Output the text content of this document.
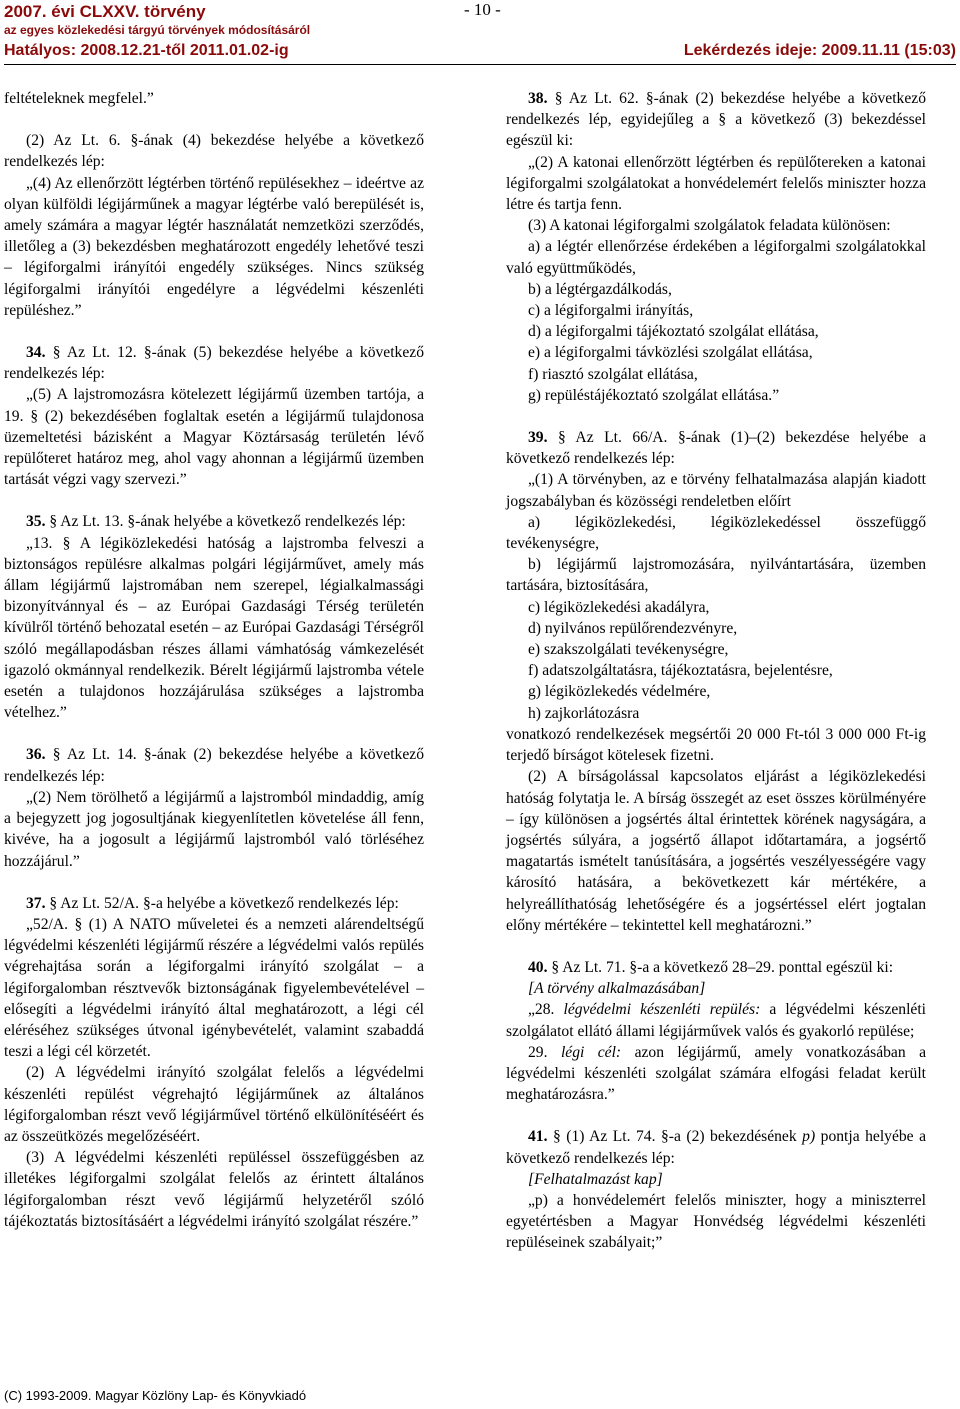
2007. évi CLXXV. törvény
az egyes közlekedési tárgyú törvények módosításáról
Hatályos: 2008.12.21-től 2011.01.02-ig
- 10 -
Lekérdezés ideje: 2009.11.11 (15:03)

feltételeknek megfelel.”

(2) Az Lt. 6. §-ának (4) bekezdése helyébe a következő rendelkezés lép:

„(4) Az ellenőrzött légtérben történő repülésekhez – ideértve az olyan külföldi légijárműnek a magyar légtérbe való berepülését is, amely számára a magyar légtér használatát nemzetközi szerződés, illetőleg a (3) bekezdésben meghatározott engedély lehetővé teszi – légiforgalmi irányítói engedély szükséges. Nincs szükség légiforgalmi irányítói engedélyre a légvédelmi készenléti repüléshez.”

34. § Az Lt. 12. §-ának (5) bekezdése helyébe a következő rendelkezés lép:

„(5) A lajstromozásra kötelezett légijármű üzemben tartója, a 19. § (2) bekezdésében foglaltak esetén a légijármű tulajdonosa üzemeltetési bázisként a Magyar Köztársaság területén lévő repülőteret határoz meg, ahol vagy ahonnan a légijármű üzemben tartását végzi vagy szervezi.”

35. § Az Lt. 13. §-ának helyébe a következő rendelkezés lép:

„13. § A légiközlekedési hatóság a lajstromba felveszi a biztonságos repülésre alkalmas polgári légijárművet, amely más állam légijármű lajstromában nem szerepel, légialkalmassági bizonyítvánnyal és – az Európai Gazdasági Térség területén kívülről történő behozatal esetén – az Európai Gazdasági Térségről szóló megállapodásban részes állami vámhatóság vámkezelését igazoló okmánnyal rendelkezik. Bérelt légijármű lajstromba vétele esetén a tulajdonos hozzájárulása szükséges a lajstromba vételhez.”

36. § Az Lt. 14. §-ának (2) bekezdése helyébe a következő rendelkezés lép:

„(2) Nem törölhető a légijármű a lajstromból mindaddig, amíg a bejegyzett jog jogosultjának kiegyenlítetlen követelése áll fenn, kivéve, ha a jogosult a légijármű lajstromból való törléséhez hozzájárul.”

37. § Az Lt. 52/A. §-a helyébe a következő rendelkezés lép:

„52/A. § (1) A NATO műveletei és a nemzeti alárendeltségű légvédelmi készenléti légijármű részére a légvédelmi valós repülés végrehajtása során a légiforgalmi irányító szolgálat – a légiforgalomban résztvevők biztonságának figyelembevételével – elősegíti a légvédelmi irányító által meghatározott, a légi cél eléréséhez szükséges útvonal igénybevételét, valamint szabaddá teszi a légi cél körzetét.

(2) A légvédelmi irányító szolgálat felelős a légvédelmi készenléti repülést végrehajtó légijárműnek az általános légiforgalomban részt vevő légijárművel történő elkülönítéséért és az összeütközés megelőzéséért.

(3) A légvédelmi készenléti repüléssel összefüggésben az illetékes légiforgalmi szolgálat felelős az érintett általános légiforgalomban részt vevő légijármű helyzetéről szóló tájékoztatás biztosításáért a légvédelmi irányító szolgálat részére.”

38. § Az Lt. 62. §-ának (2) bekezdése helyébe a következő rendelkezés lép, egyidejűleg a § a következő (3) bekezdéssel egészül ki:

„(2) A katonai ellenőrzött légtérben és repülőtereken a katonai légiforgalmi szolgálatokat a honvédelemért felelős miniszter hozza létre és tartja fenn.

(3) A katonai légiforgalmi szolgálatok feladata különösen:

a) a légtér ellenőrzése érdekében a légiforgalmi szolgálatokkal való együttműködés,

b) a légtérgazdálkodás,

c) a légiforgalmi irányítás,

d) a légiforgalmi tájékoztató szolgálat ellátása,

e) a légiforgalmi távközlési szolgálat ellátása,

f) riasztó szolgálat ellátása,

g) repüléstájékoztató szolgálat ellátása.”

39. § Az Lt. 66/A. §-ának (1)–(2) bekezdése helyébe a következő rendelkezés lép:

„(1) A törvényben, az e törvény felhatalmazása alapján kiadott jogszabályban és közösségi rendeletben előírt

a) légiközlekedési, légiközlekedéssel összefüggő tevékenységre,

b) légijármű lajstromozására, nyilvántartására, üzemben tartására, biztosítására,

c) légiközlekedési akadályra,

d) nyilvános repülőrendezvényre,

e) szakszolgálati tevékenységre,

f) adatszolgáltatásra, tájékoztatásra, bejelentésre,

g) légiközlekedés védelmére,

h) zajkorlátozásra

vonatkozó rendelkezések megsértői 20 000 Ft-tól 3 000 000 Ft-ig terjedő bírságot kötelesek fizetni.

(2) A bírságolással kapcsolatos eljárást a légiközlekedési hatóság folytatja le. A bírság összegét az eset összes körülményére – így különösen a jogsértés által érintettek körének nagyságára, a jogsértés súlyára, a jogsértő állapot időtartamára, a jogsértő magatartás ismételt tanúsítására, a jogsértés veszélyességére vagy károsító hatására, a bekövetkezett kár mértékére, a helyreállíthatóság lehetőségére és a jogsértéssel elért jogtalan előny mértékére – tekintettel kell meghatározni.”

40. § Az Lt. 71. §-a a következő 28–29. ponttal egészül ki:

[A törvény alkalmazásában]

„28. légvédelmi készenléti repülés: a légvédelmi készenléti szolgálatot ellátó állami légijárművek valós és gyakorló repülése;

29. légi cél: azon légijármű, amely vonatkozásában a légvédelmi készenléti szolgálat számára elfogási feladat került meghatározásra.”

41. § (1) Az Lt. 74. §-a (2) bekezdésének p) pontja helyébe a következő rendelkezés lép:

[Felhatalmazást kap]

„p) a honvédelemért felelős miniszter, hogy a miniszterrel egyetértésben a Magyar Honvédség légvédelmi készenléti repüléseinek szabályait;”

(C) 1993-2009. Magyar Közlöny Lap- és Könyvkiadó
